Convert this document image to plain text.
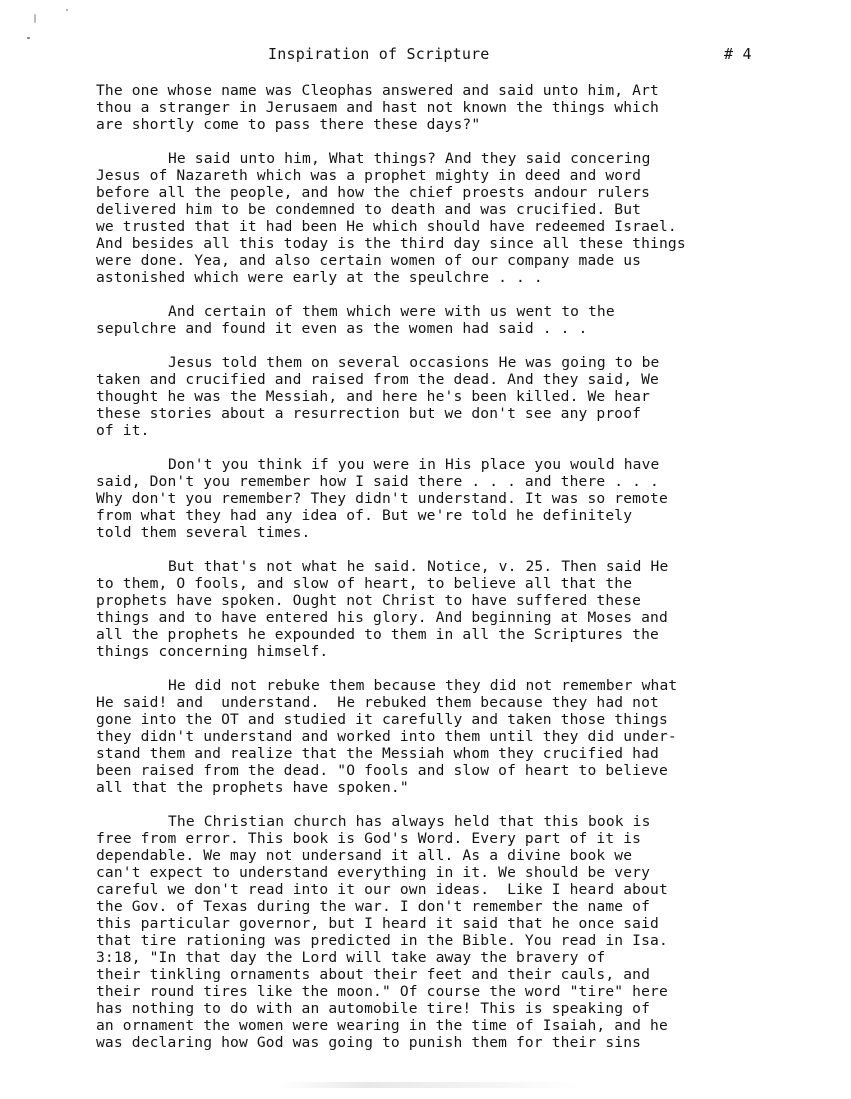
Inspiration of Scripture	# 4
The one whose name was Cleophas answered and said unto him, Art
thou a stranger in Jerusaem and hast not known the things which
are shortly come to pass there these days?"
He said unto him, What things? And they said concering
Jesus of Nazareth which was a prophet mighty in deed and word
before all the people, and how the chief proests andour rulers
delivered him to be condemned to death and was crucified. But
we trusted that it had been He which should have redeemed Israel.
And besides all this today is the third day since all these things
were done. Yea, and also certain women of our company made us
astonished which were early at the speulchre . . .
And certain of them which were with us went to the
sepulchre and found it even as the women had said . . .
Jesus told them on several occasions He was going to be
taken and crucified and raised from the dead. And they said, We
thought he was the Messiah, and here he's been killed. We hear
these stories about a resurrection but we don't see any proof
of it.
Don't you think if you were in His place you would have
said, Don't you remember how I said there . . . and there . . .
Why don't you remember? They didn't understand. It was so remote
from what they had any idea of. But we're told he definitely
told them several times.
But that's not what he said. Notice, v. 25. Then said He
to them, O fools, and slow of heart, to believe all that the
prophets have spoken. Ought not Christ to have suffered these
things and to have entered his glory. And beginning at Moses and
all the prophets he expounded to them in all the Scriptures the
things concerning himself.
He did not rebuke them because they did not remember what
He said! and  understand.  He rebuked them because they had not
gone into the OT and studied it carefully and taken those things
they didn't understand and worked into them until they did under-
stand them and realize that the Messiah whom they crucified had
been raised from the dead. "O fools and slow of heart to believe
all that the prophets have spoken."
The Christian church has always held that this book is
free from error. This book is God's Word. Every part of it is
dependable. We may not undersand it all. As a divine book we
can't expect to understand everything in it. We should be very
careful we don't read into it our own ideas.  Like I heard about
the Gov. of Texas during the war. I don't remember the name of
this particular governor, but I heard it said that he once said
that tire rationing was predicted in the Bible. You read in Isa.
3:18, "In that day the Lord will take away the bravery of
their tinkling ornaments about their feet and their cauls, and
their round tires like the moon." Of course the word "tire" here
has nothing to do with an automobile tire! This is speaking of
an ornament the women were wearing in the time of Isaiah, and he
was declaring how God was going to punish them for their sins
